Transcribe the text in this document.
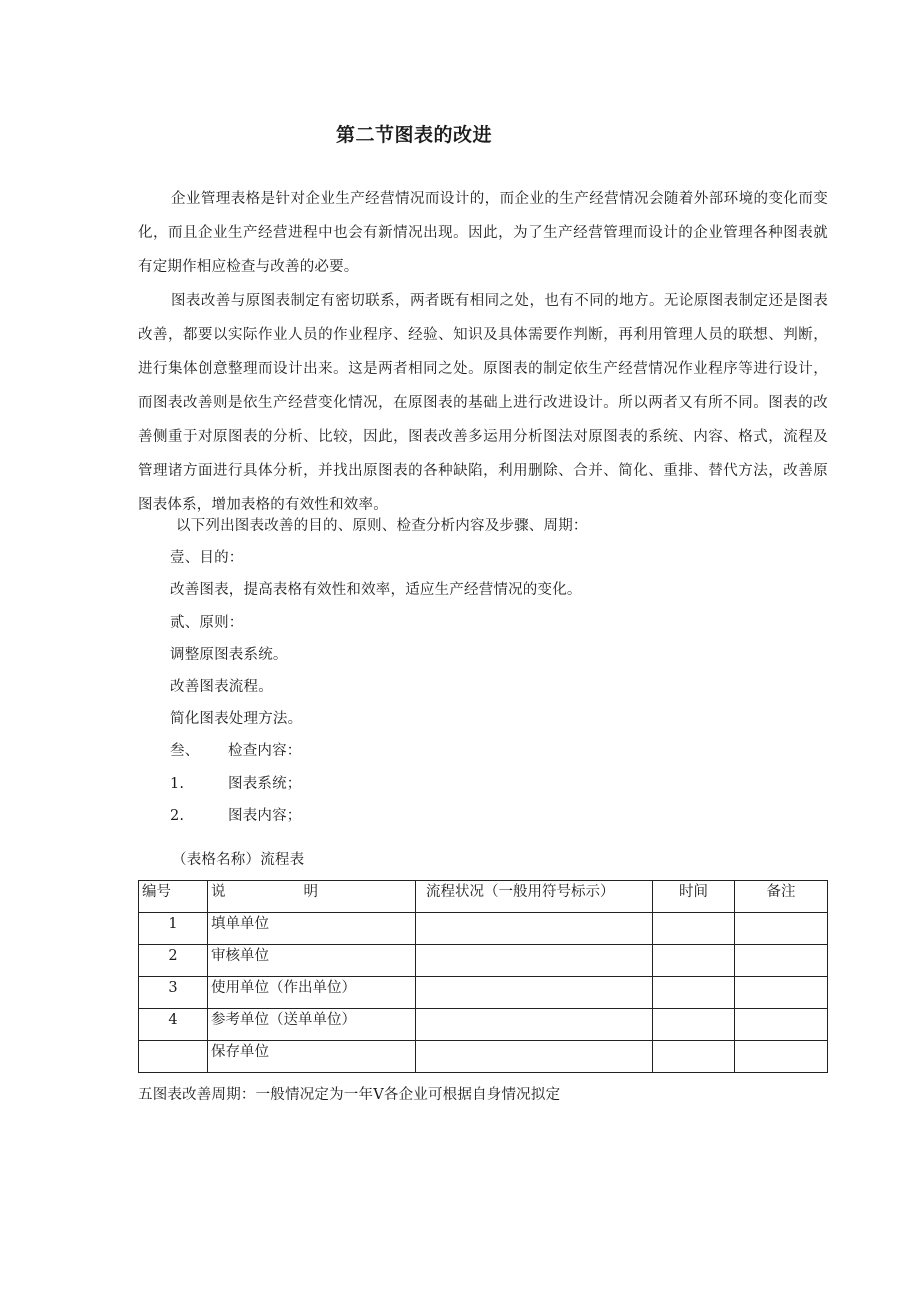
第二节图表的改进

企业管理表格是针对企业生产经营情况而设计的，而企业的生产经营情况会随着外部环境的变化而变化，而且企业生产经营进程中也会有新情况出现。因此，为了生产经营管理而设计的企业管理各种图表就有定期作相应检查与改善的必要。

图表改善与原图表制定有密切联系，两者既有相同之处，也有不同的地方。无论原图表制定还是图表改善，都要以实际作业人员的作业程序、经验、知识及具体需要作判断，再利用管理人员的联想、判断，进行集体创意整理而设计出来。这是两者相同之处。原图表的制定依生产经营情况作业程序等进行设计，而图表改善则是依生产经营变化情况，在原图表的基础上进行改进设计。所以两者又有所不同。图表的改善侧重于对原图表的分析、比较，因此，图表改善多运用分析图法对原图表的系统、内容、格式，流程及管理诸方面进行具体分析，并找出原图表的各种缺陷，利用删除、合并、简化、重排、替代方法，改善原图表体系，增加表格的有效性和效率。

以下列出图表改善的目的、原则、检查分析内容及步骤、周期：
壹、目的：
改善图表，提高表格有效性和效率，适应生产经营情况的变化。
贰、原则：
调整原图表系统。
改善图表流程。
简化图表处理方法。
叁、 检查内容：
1.	图表系统；
2.	图表内容；
（表格名称）流程表
编号	说 明	流程状况（一般用符号标示）	时间	备注
1	填单单位			
2	审核单位			
3	使用单位（作出单位）			
4	参考单位（送单单位）			
	保存单位			
五图表改善周期：一般情况定为一年Ⅴ各企业可根据自身情况拟定
